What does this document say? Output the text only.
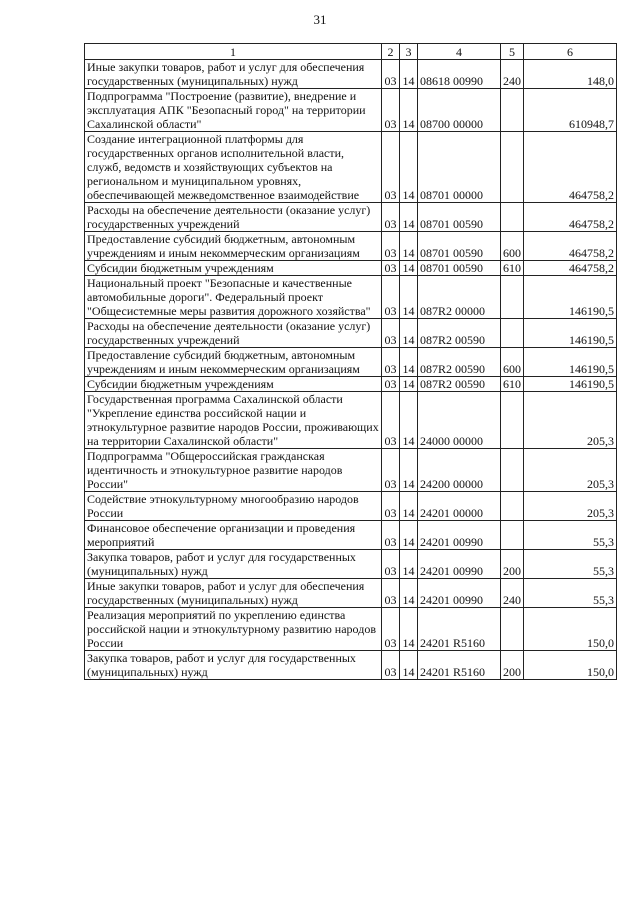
31
1	2	3	4	5	6
Иные закупки товаров, работ и услуг для обеспечения государственных (муниципальных) нужд	03	14	08618 00990	240	148,0
Подпрограмма "Построение (развитие), внедрение и эксплуатация АПК "Безопасный город" на территории Сахалинской области"	03	14	08700 00000		610948,7
Создание интеграционной платформы для государственных органов исполнительной власти, служб, ведомств и хозяйствующих субъектов на региональном и муниципальном уровнях, обеспечивающей межведомственное взаимодействие	03	14	08701 00000		464758,2
Расходы на обеспечение деятельности (оказание услуг) государственных учреждений	03	14	08701 00590		464758,2
Предоставление субсидий бюджетным, автономным учреждениям и иным некоммерческим организациям	03	14	08701 00590	600	464758,2
Субсидии бюджетным учреждениям	03	14	08701 00590	610	464758,2
Национальный проект "Безопасные и качественные автомобильные дороги". Федеральный проект "Общесистемные меры развития дорожного хозяйства"	03	14	087R2 00000		146190,5
Расходы на обеспечение деятельности (оказание услуг) государственных учреждений	03	14	087R2 00590		146190,5
Предоставление субсидий бюджетным, автономным учреждениям и иным некоммерческим организациям	03	14	087R2 00590	600	146190,5
Субсидии бюджетным учреждениям	03	14	087R2 00590	610	146190,5
Государственная программа Сахалинской области "Укрепление единства российской нации и этнокультурное развитие народов России, проживающих на территории Сахалинской области"	03	14	24000 00000		205,3
Подпрограмма "Общероссийская гражданская идентичность и этнокультурное развитие народов России"	03	14	24200 00000		205,3
Содействие этнокультурному многообразию народов России	03	14	24201 00000		205,3
Финансовое обеспечение организации и проведения мероприятий	03	14	24201 00990		55,3
Закупка товаров, работ и услуг для государственных (муниципальных) нужд	03	14	24201 00990	200	55,3
Иные закупки товаров, работ и услуг для обеспечения государственных (муниципальных) нужд	03	14	24201 00990	240	55,3
Реализация мероприятий по укреплению единства российской нации и этнокультурному развитию народов России	03	14	24201 R5160		150,0
Закупка товаров, работ и услуг для государственных (муниципальных) нужд	03	14	24201 R5160	200	150,0
